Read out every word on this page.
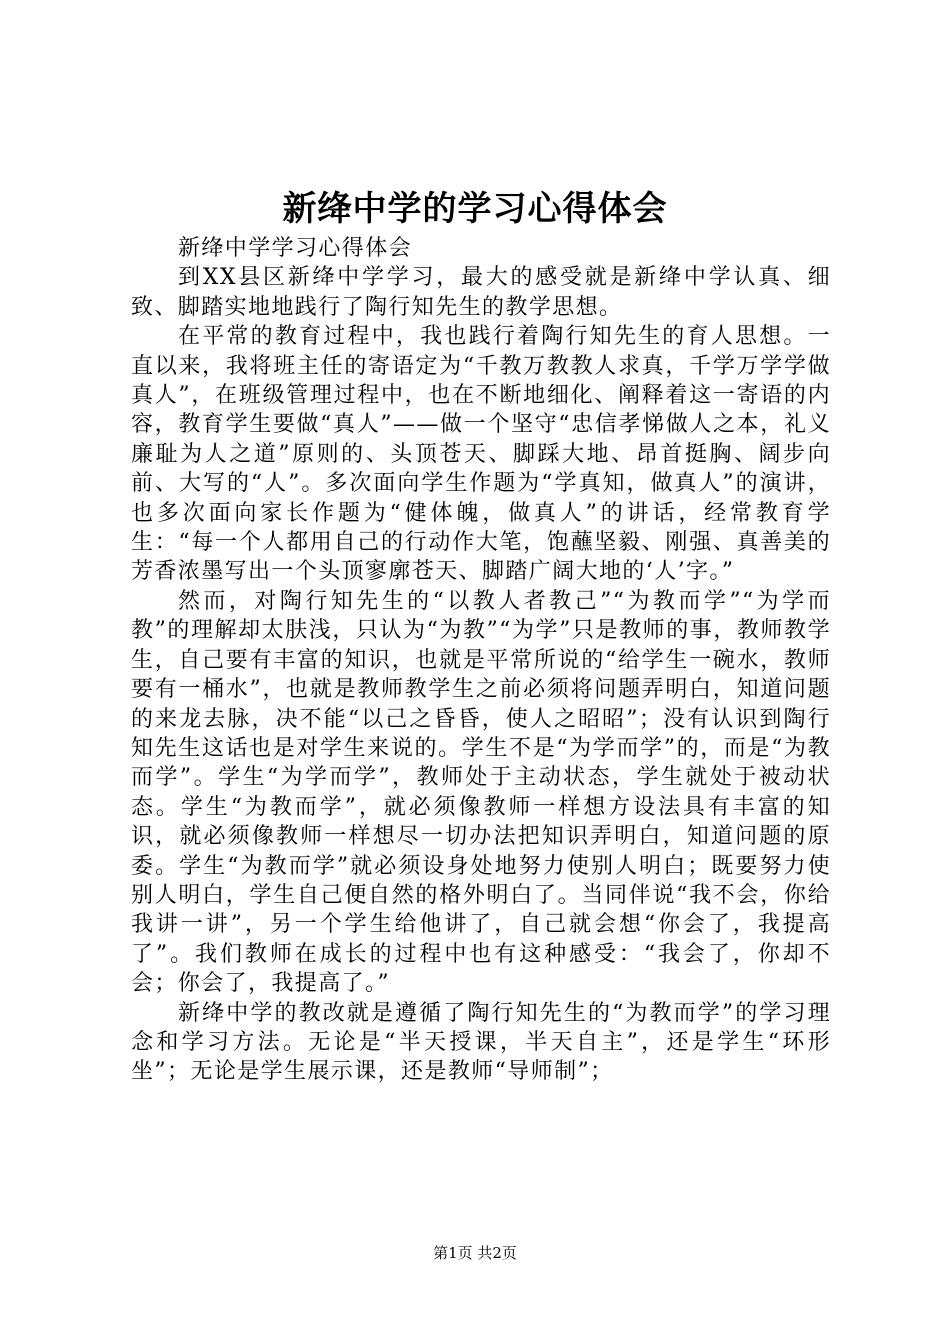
新绛中学的学习心得体会

新绛中学学习心得体会

到XX县区新绛中学学习，最大的感受就是新绛中学认真、细致、脚踏实地地践行了陶行知先生的教学思想。

在平常的教育过程中，我也践行着陶行知先生的育人思想。一直以来，我将班主任的寄语定为“千教万教教人求真，千学万学学做真人”，在班级管理过程中，也在不断地细化、阐释着这一寄语的内容，教育学生要做“真人”——做一个坚守“忠信孝悌做人之本，礼义廉耻为人之道”原则的、头顶苍天、脚踩大地、昂首挺胸、阔步向前、大写的“人”。多次面向学生作题为“学真知，做真人”的演讲，也多次面向家长作题为“健体魄，做真人”的讲话，经常教育学生：“每一个人都用自己的行动作大笔，饱蘸坚毅、刚强、真善美的芳香浓墨写出一个头顶寥廓苍天、脚踏广阔大地的‘人’字。”

然而，对陶行知先生的“以教人者教己”“为教而学”“为学而教”的理解却太肤浅，只认为“为教”“为学”只是教师的事，教师教学生，自己要有丰富的知识，也就是平常所说的“给学生一碗水，教师要有一桶水”，也就是教师教学生之前必须将问题弄明白，知道问题的来龙去脉，决不能“以己之昏昏，使人之昭昭”；没有认识到陶行知先生这话也是对学生来说的。学生不是“为学而学”的，而是“为教而学”。学生“为学而学”，教师处于主动状态，学生就处于被动状态。学生“为教而学”，就必须像教师一样想方设法具有丰富的知识，就必须像教师一样想尽一切办法把知识弄明白，知道问题的原委。学生“为教而学”就必须设身处地努力使别人明白；既要努力使别人明白，学生自己便自然的格外明白了。当同伴说“我不会，你给我讲一讲”，另一个学生给他讲了，自己就会想“你会了，我提高了”。我们教师在成长的过程中也有这种感受：“我会了，你却不会；你会了，我提高了。”

新绛中学的教改就是遵循了陶行知先生的“为教而学”的学习理念和学习方法。无论是“半天授课，半天自主”，还是学生“环形坐”；无论是学生展示课，还是教师“导师制”；

第1页 共2页
